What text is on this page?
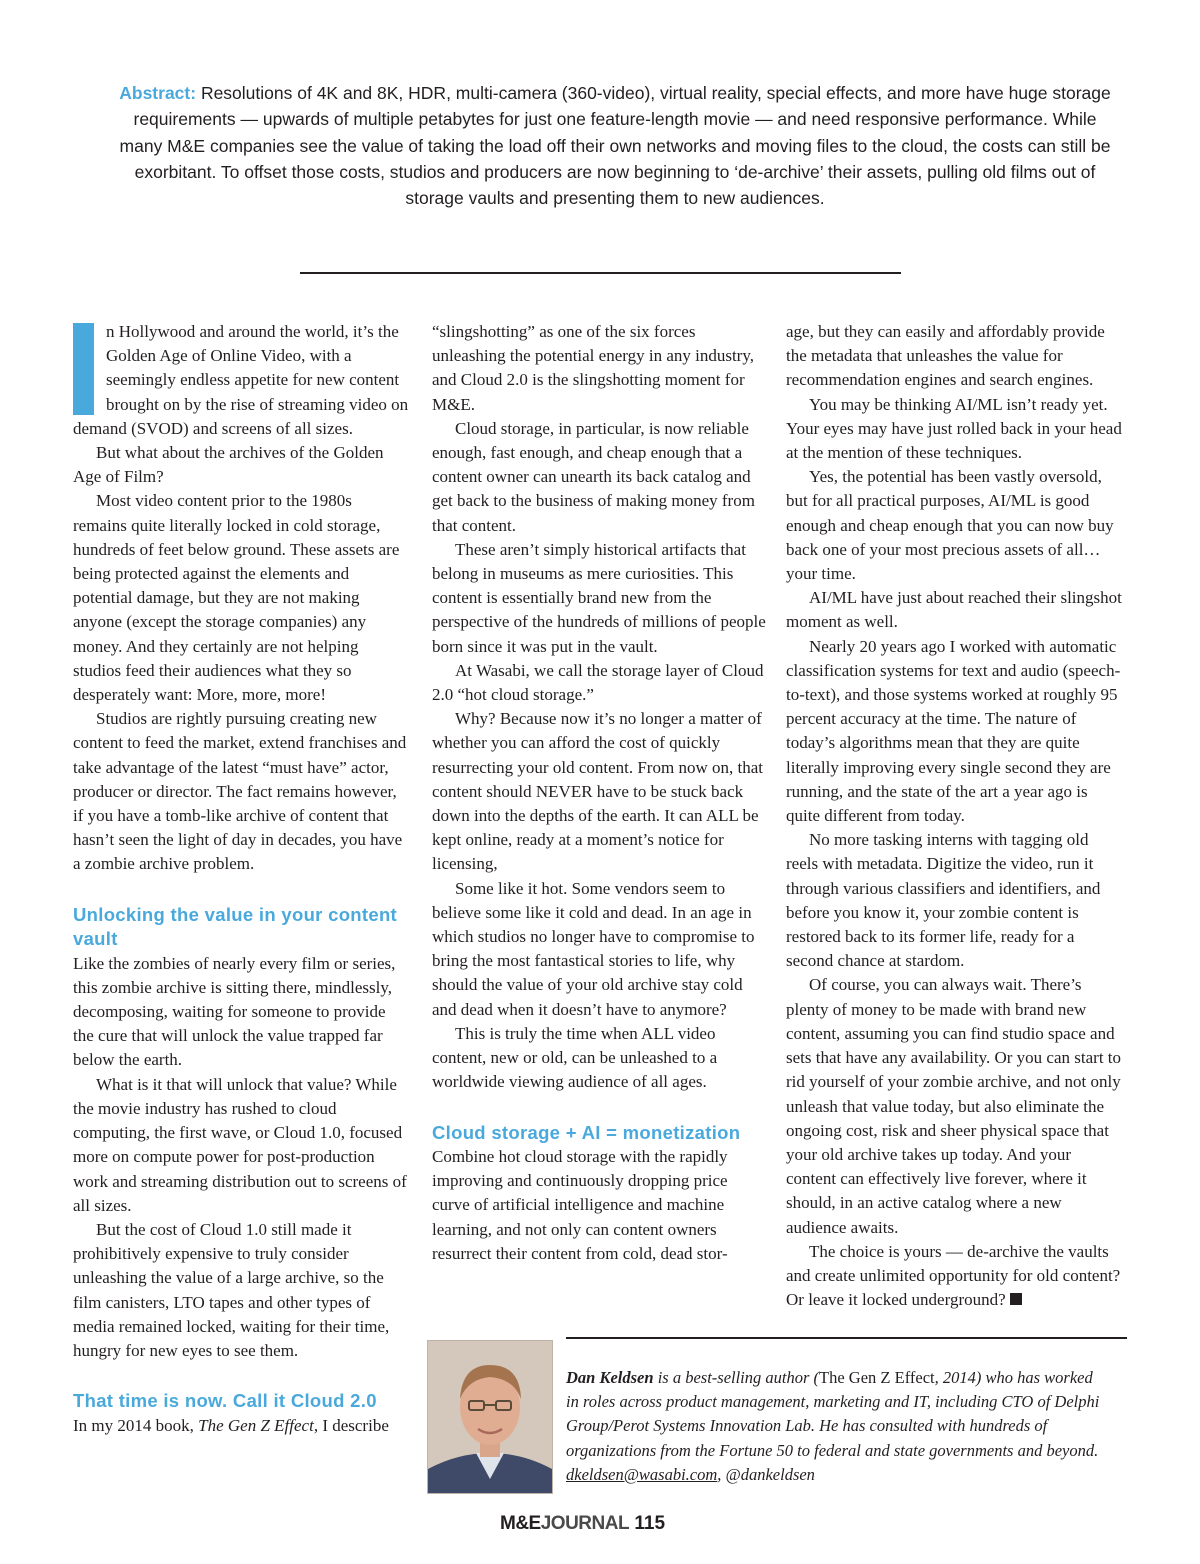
Abstract: Resolutions of 4K and 8K, HDR, multi-camera (360-video), virtual reality, special effects, and more have huge storage requirements — upwards of multiple petabytes for just one feature-length movie — and need responsive performance. While many M&E companies see the value of taking the load off their own networks and moving files to the cloud, the costs can still be exorbitant. To offset those costs, studios and producers are now beginning to ‘de-archive’ their assets, pulling old films out of storage vaults and presenting them to new audiences.

n Hollywood and around the world, it’s the Golden Age of Online Video, with a seemingly endless appetite for new content brought on by the rise of streaming video on demand (SVOD) and screens of all sizes.

But what about the archives of the Golden Age of Film?

Most video content prior to the 1980s remains quite literally locked in cold storage, hundreds of feet below ground. These assets are being protected against the elements and potential damage, but they are not making anyone (except the storage companies) any money. And they certainly are not helping studios feed their audiences what they so desperately want: More, more, more!

Studios are rightly pursuing creating new content to feed the market, extend franchises and take advantage of the latest “must have” actor, producer or director. The fact remains however, if you have a tomb-like archive of content that hasn’t seen the light of day in decades, you have a zombie archive problem.

Unlocking the value in your content vault

Like the zombies of nearly every film or series, this zombie archive is sitting there, mindlessly, decomposing, waiting for someone to provide the cure that will unlock the value trapped far below the earth.

What is it that will unlock that value? While the movie industry has rushed to cloud computing, the first wave, or Cloud 1.0, focused more on compute power for post-production work and streaming distribution out to screens of all sizes.

But the cost of Cloud 1.0 still made it prohibitively expensive to truly consider unleashing the value of a large archive, so the film canisters, LTO tapes and other types of media remained locked, waiting for their time, hungry for new eyes to see them.

That time is now. Call it Cloud 2.0

In my 2014 book, The Gen Z Effect, I describe

“slingshotting” as one of the six forces unleashing the potential energy in any industry, and Cloud 2.0 is the slingshotting moment for M&E.

Cloud storage, in particular, is now reliable enough, fast enough, and cheap enough that a content owner can unearth its back catalog and get back to the business of making money from that content.

These aren’t simply historical artifacts that belong in museums as mere curiosities. This content is essentially brand new from the perspective of the hundreds of millions of people born since it was put in the vault.

At Wasabi, we call the storage layer of Cloud 2.0 “hot cloud storage.”

Why? Because now it’s no longer a matter of whether you can afford the cost of quickly resurrecting your old content. From now on, that content should NEVER have to be stuck back down into the depths of the earth. It can ALL be kept online, ready at a moment’s notice for licensing,

Some like it hot. Some vendors seem to believe some like it cold and dead. In an age in which studios no longer have to compromise to bring the most fantastical stories to life, why should the value of your old archive stay cold and dead when it doesn’t have to anymore?

This is truly the time when ALL video content, new or old, can be unleashed to a worldwide viewing audience of all ages.

Cloud storage + AI = monetization

Combine hot cloud storage with the rapidly improving and continuously dropping price curve of artificial intelligence and machine learning, and not only can content owners resurrect their content from cold, dead stor-

age, but they can easily and affordably provide the metadata that unleashes the value for recommendation engines and search engines.

You may be thinking AI/ML isn’t ready yet. Your eyes may have just rolled back in your head at the mention of these techniques.

Yes, the potential has been vastly oversold, but for all practical purposes, AI/ML is good enough and cheap enough that you can now buy back one of your most precious assets of all… your time.

AI/ML have just about reached their slingshot moment as well.

Nearly 20 years ago I worked with automatic classification systems for text and audio (speech-to-text), and those systems worked at roughly 95 percent accuracy at the time. The nature of today’s algorithms mean that they are quite literally improving every single second they are running, and the state of the art a year ago is quite different from today.

No more tasking interns with tagging old reels with metadata. Digitize the video, run it through various classifiers and identifiers, and before you know it, your zombie content is restored back to its former life, ready for a second chance at stardom.

Of course, you can always wait. There’s plenty of money to be made with brand new content, assuming you can find studio space and sets that have any availability. Or you can start to rid yourself of your zombie archive, and not only unleash that value today, but also eliminate the ongoing cost, risk and sheer physical space that your old archive takes up today. And your content can effectively live forever, where it should, in an active catalog where a new audience awaits.

The choice is yours — de-archive the vaults and create unlimited opportunity for old content? Or leave it locked underground?

Dan Keldsen is a best-selling author (The Gen Z Effect, 2014) who has worked in roles across product management, marketing and IT, including CTO of Delphi Group/Perot Systems Innovation Lab. He has consulted with hundreds of organizations from the Fortune 50 to federal and state governments and beyond. dkeldsen@wasabi.com, @dankeldsen
M&EJOURNAL 115
